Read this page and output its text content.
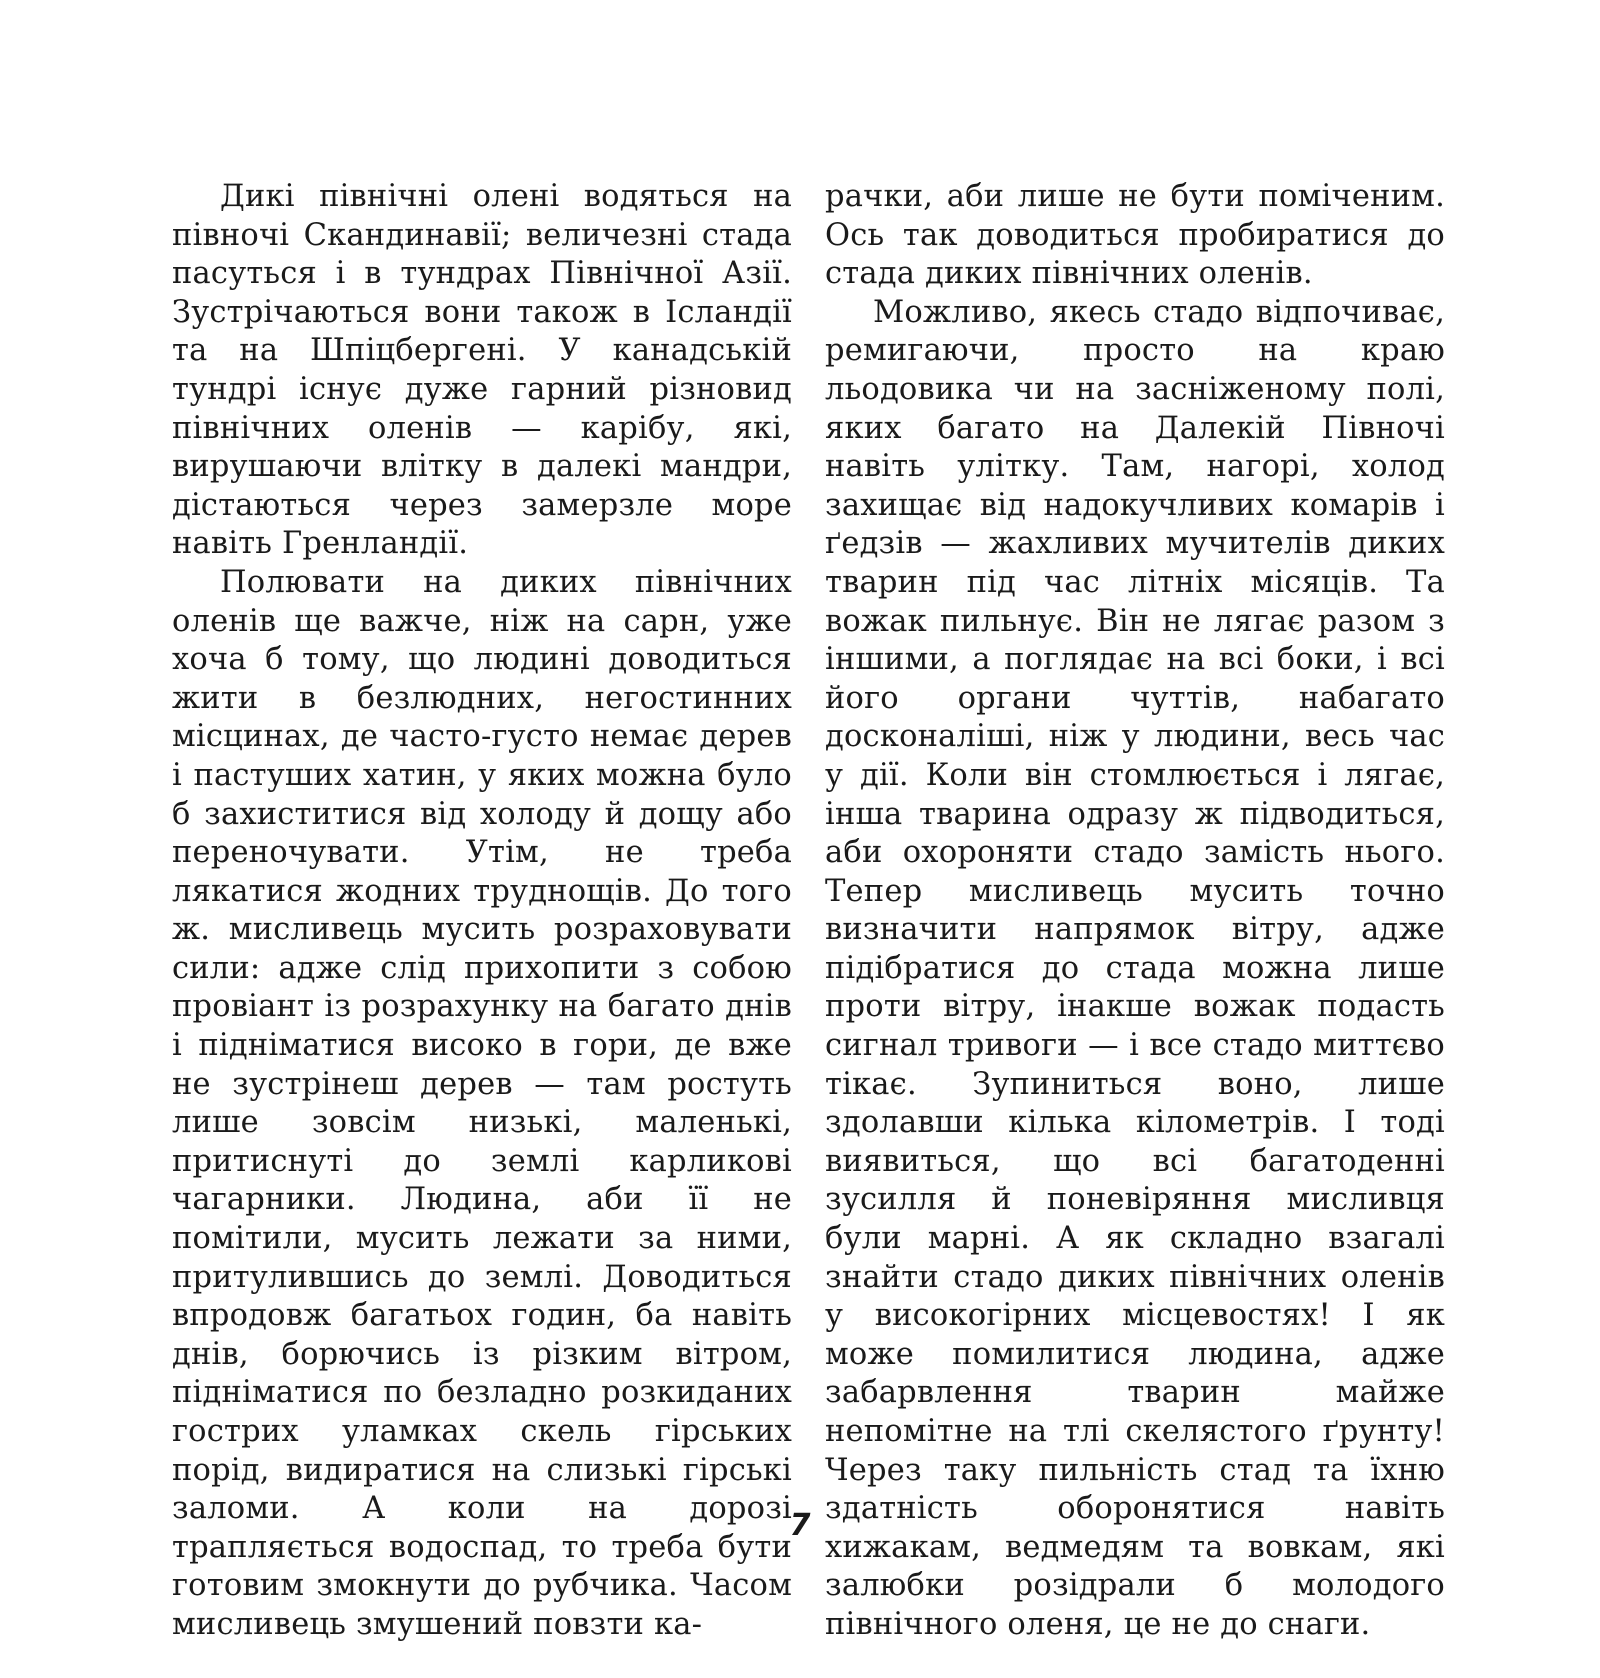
Дикі північні олені водяться на півночі Скандинавії; величезні стада пасуться і в тундрах Північної Азії. Зустрічаються вони також в Ісландії та на Шпіцбергені. У канадській тундрі існує дуже гарний різновид північних оленів — карібу, які, вирушаючи влітку в далекі мандри, дістаються через замерзле море навіть Гренландії.

Полювати на диких північних оленів ще важче, ніж на сарн, уже хоча б тому, що людині доводиться жити в безлюдних, негостинних місцинах, де часто-густо немає дерев і пастуших хатин, у яких можна було б захиститися від холоду й дощу або переночувати. Утім, не треба лякатися жодних труднощів. До того ж. мисливець мусить розраховувати сили: адже слід прихопити з собою провіант із розрахунку на багато днів і підніматися високо в гори, де вже не зустрінеш дерев — там ростуть лише зовсім низькі, маленькі, притиснуті до землі карликові чагарники. Людина, аби її не помітили, мусить лежати за ними, притулившись до землі. Доводиться впродовж багатьох годин, ба навіть днів, борючись із різким вітром, підніматися по безладно розкиданих гострих уламках скель гірських порід, видиратися на слизькі гірські заломи. А коли на дорозі трапляється водоспад, то треба бути готовим змокнути до рубчика. Часом мисливець змушений повзти ка-

рачки, аби лише не бути поміченим. Ось так доводиться пробиратися до стада диких північних оленів.

Можливо, якесь стадо відпочиває, ремигаючи, просто на краю льодовика чи на засніженому полі, яких багато на Далекій Півночі навіть улітку. Там, нагорі, холод захищає від надокучливих комарів і ґедзів — жахливих мучителів диких тварин під час літніх місяців. Та вожак пильнує. Він не лягає разом з іншими, а поглядає на всі боки, і всі його органи чуттів, набагато досконаліші, ніж у людини, весь час у дії. Коли він стомлюється і лягає, інша тварина одразу ж підводиться, аби охороняти стадо замість нього. Тепер мисливець мусить точно визначити напрямок вітру, адже підібратися до стада можна лише проти вітру, інакше вожак подасть сигнал тривоги — і все стадо миттєво тікає. Зупиниться воно, лише здолавши кілька кілометрів. І тоді виявиться, що всі багатоденні зусилля й поневіряння мисливця були марні. А як складно взагалі знайти стадо диких північних оленів у високогірних місцевостях! І як може помилитися людина, адже забарвлення тварин майже непомітне на тлі скелястого ґрунту! Через таку пильність стад та їхню здатність оборонятися навіть хижакам, ведмедям та вовкам, які залюбки розідрали б молодого північного оленя, це не до снаги.

7
